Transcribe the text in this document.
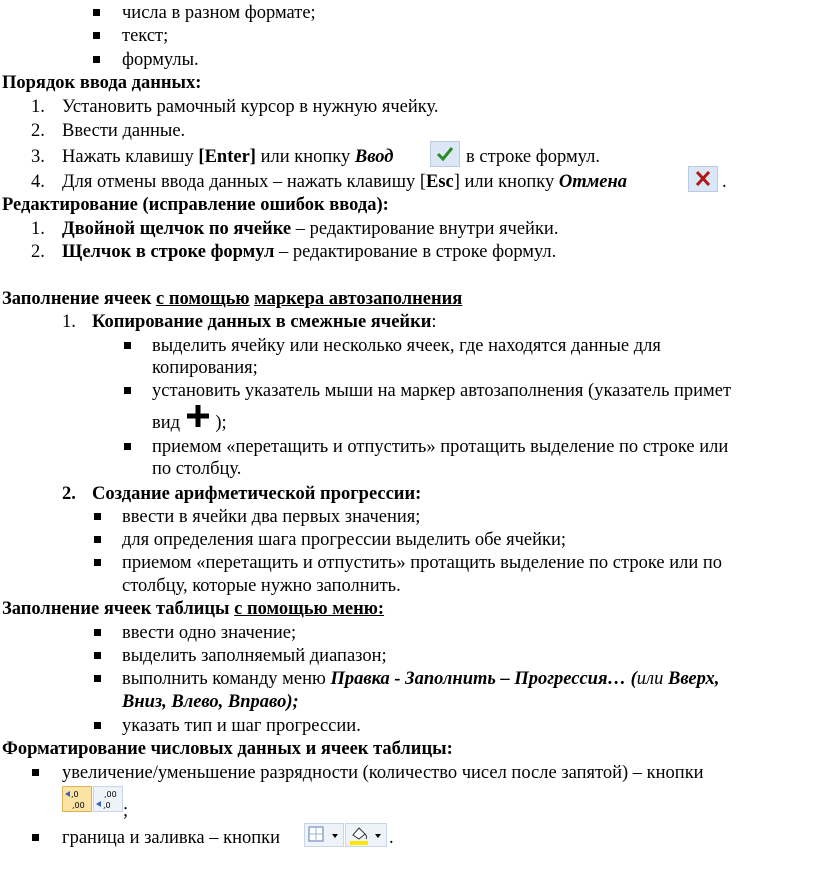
числа в разном формате;
текст;
формулы.
Порядок ввода данных:
1. Установить рамочный курсор в нужную ячейку.
2. Ввести данные.
3. Нажать клавишу [Enter] или кнопку Ввод	в строке формул.
4. Для отмены ввода данных – нажать клавишу [Esc] или кнопку Отмена	.
Редактирование (исправление ошибок ввода):
1. Двойной щелчок по ячейке – редактирование внутри ячейки.
2. Щелчок в строке формул – редактирование в строке формул.
Заполнение ячеек с помощью маркера автозаполнения
1. Копирование данных в смежные ячейки:
выделить ячейку или несколько ячеек, где находятся данные для
копирования;
установить указатель мыши на маркер автозаполнения (указатель примет
вид  );
приемом «перетащить и отпустить» протащить выделение по строке или
по столбцу.
2. Создание арифметической прогрессии:
ввести в ячейки два первых значения;
для определения шага прогрессии выделить обе ячейки;
приемом «перетащить и отпустить» протащить выделение по строке или по
столбцу, которые нужно заполнить.
Заполнение ячеек таблицы с помощью меню:
ввести одно значение;
выделить заполняемый диапазон;
выполнить команду меню Правка - Заполнить – Прогрессия… (или Вверх,
Вниз, Влево, Вправо);
указать тип и шаг прогрессии.
Форматирование числовых данных и ячеек таблицы:
увеличение/уменьшение разрядности (количество чисел после запятой) – кнопки
,0
,00
,00
,0 ;
граница и заливка – кнопки	.
